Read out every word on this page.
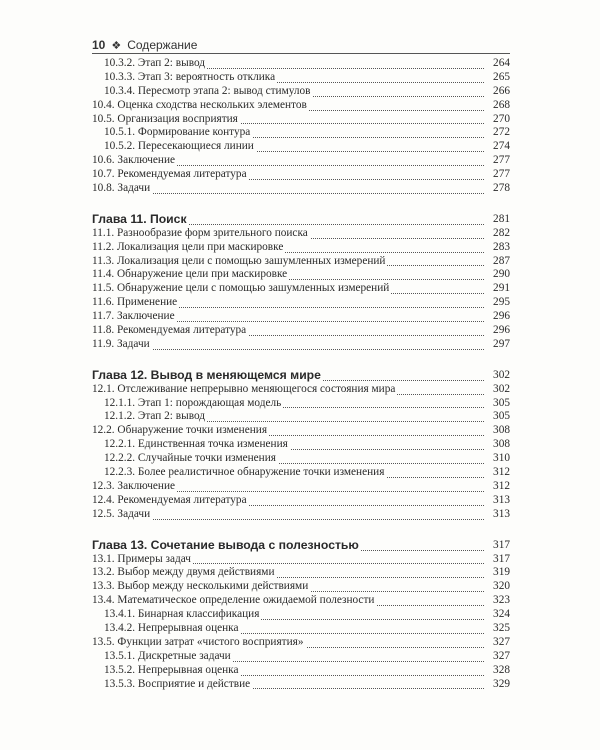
10 ❖ Содержание
10.3.2. Этап 2: вывод	264
10.3.3. Этап 3: вероятность отклика	265
10.3.4. Пересмотр этапа 2: вывод стимулов	266
10.4. Оценка сходства нескольких элементов	268
10.5. Организация восприятия	270
10.5.1. Формирование контура	272
10.5.2. Пересекающиеся линии	274
10.6. Заключение	277
10.7. Рекомендуемая литература	277
10.8. Задачи	278
Глава 11. Поиск	281
11.1. Разнообразие форм зрительного поиска	282
11.2. Локализация цели при маскировке	283
11.3. Локализация цели с помощью зашумленных измерений	287
11.4. Обнаружение цели при маскировке	290
11.5. Обнаружение цели с помощью зашумленных измерений	291
11.6. Применение	295
11.7. Заключение	296
11.8. Рекомендуемая литература	296
11.9. Задачи	297
Глава 12. Вывод в меняющемся мире	302
12.1. Отслеживание непрерывно меняющегося состояния мира	302
12.1.1. Этап 1: порождающая модель	305
12.1.2. Этап 2: вывод	305
12.2. Обнаружение точки изменения	308
12.2.1. Единственная точка изменения	308
12.2.2. Случайные точки изменения	310
12.2.3. Более реалистичное обнаружение точки изменения	312
12.3. Заключение	312
12.4. Рекомендуемая литература	313
12.5. Задачи	313
Глава 13. Сочетание вывода с полезностью	317
13.1. Примеры задач	317
13.2. Выбор между двумя действиями	319
13.3. Выбор между несколькими действиями	320
13.4. Математическое определение ожидаемой полезности	323
13.4.1. Бинарная классификация	324
13.4.2. Непрерывная оценка	325
13.5. Функции затрат «чистого восприятия»	327
13.5.1. Дискретные задачи	327
13.5.2. Непрерывная оценка	328
13.5.3. Восприятие и действие	329
